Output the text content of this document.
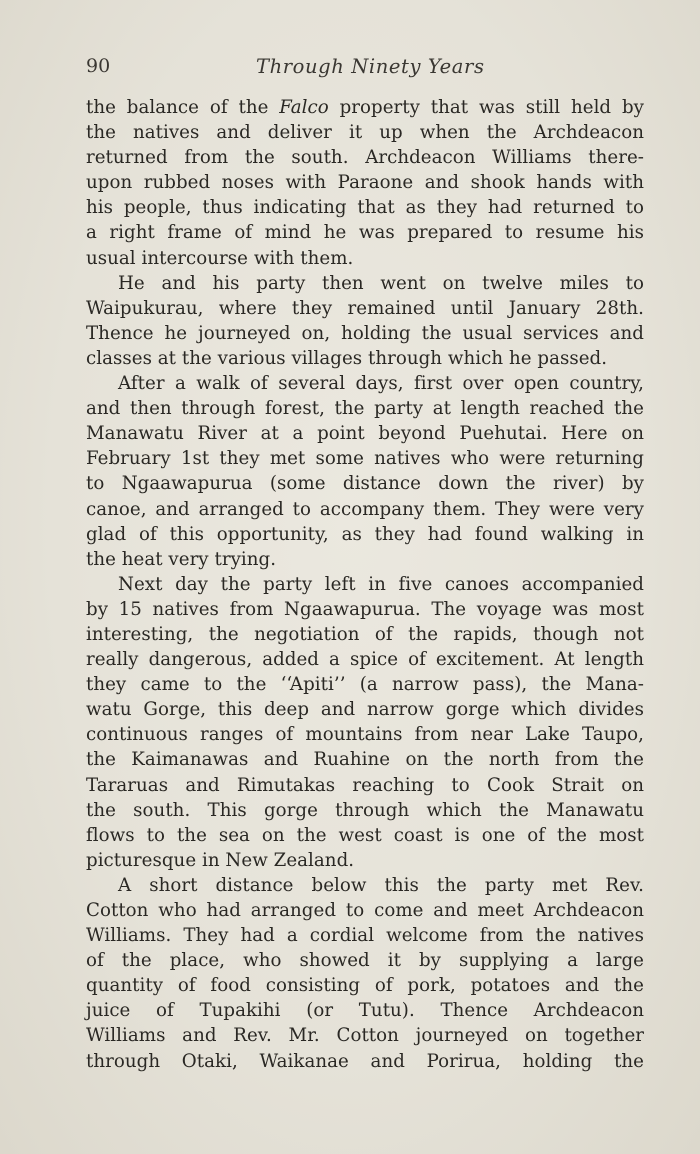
90	Through Ninety Years
the balance of the Falco property that was still held by
the natives and deliver it up when the Archdeacon
returned from the south. Archdeacon Williams there-
upon rubbed noses with Paraone and shook hands with
his people, thus indicating that as they had returned to
a right frame of mind he was prepared to resume his
usual intercourse with them.
He and his party then went on twelve miles to
Waipukurau, where they remained until January 28th.
Thence he journeyed on, holding the usual services and
classes at the various villages through which he passed.
After a walk of several days, first over open country,
and then through forest, the party at length reached the
Manawatu River at a point beyond Puehutai. Here on
February 1st they met some natives who were returning
to Ngaawapurua (some distance down the river) by
canoe, and arranged to accompany them. They were very
glad of this opportunity, as they had found walking in
the heat very trying.
Next day the party left in five canoes accompanied
by 15 natives from Ngaawapurua. The voyage was most
interesting, the negotiation of the rapids, though not
really dangerous, added a spice of excitement. At length
they came to the ‘‘Apiti’’ (a narrow pass), the Mana-
watu Gorge, this deep and narrow gorge which divides
continuous ranges of mountains from near Lake Taupo,
the Kaimanawas and Ruahine on the north from the
Tararuas and Rimutakas reaching to Cook Strait on
the south. This gorge through which the Manawatu
flows to the sea on the west coast is one of the most
picturesque in New Zealand.
A short distance below this the party met Rev.
Cotton who had arranged to come and meet Archdeacon
Williams. They had a cordial welcome from the natives
of the place, who showed it by supplying a large
quantity of food consisting of pork, potatoes and the
juice of Tupakihi (or Tutu). Thence Archdeacon
Williams and Rev. Mr. Cotton journeyed on together
through Otaki, Waikanae and Porirua, holding the
